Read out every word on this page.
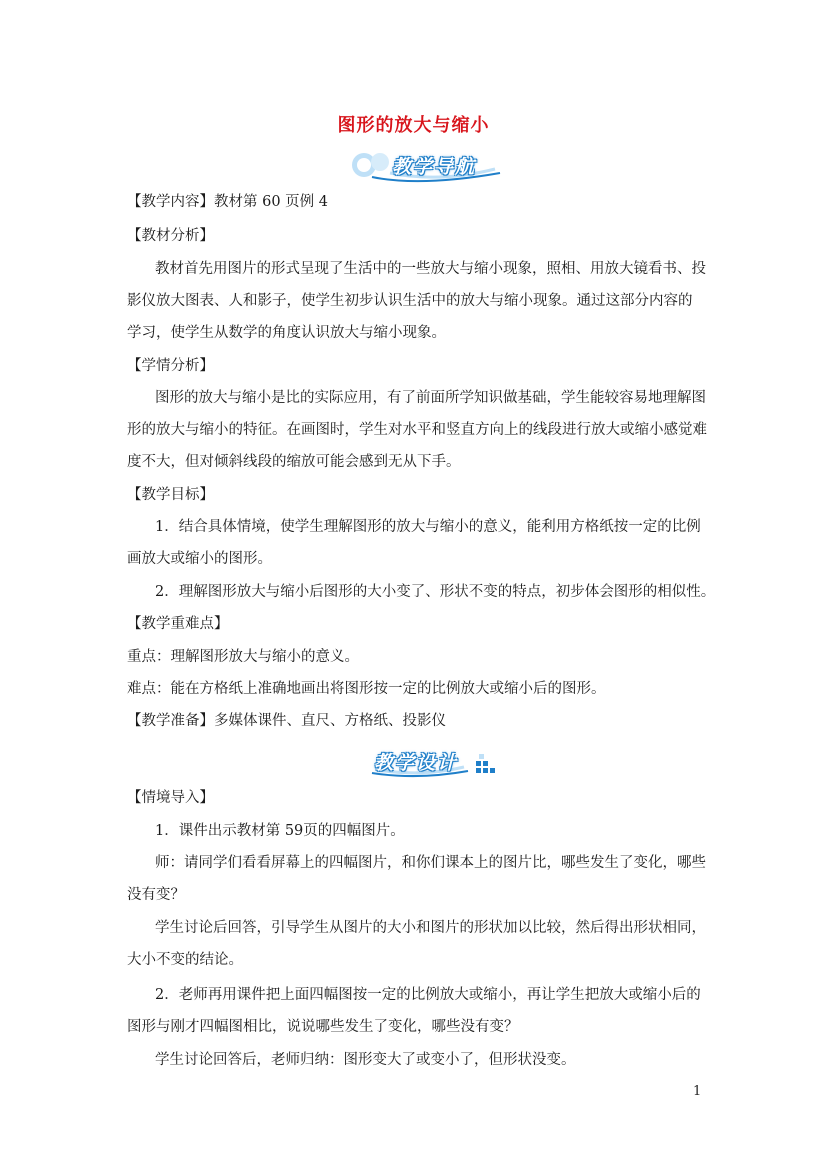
图形的放大与缩小
教学导航
【教学内容】教材第 60 页例 4
【教材分析】
教材首先用图片的形式呈现了生活中的一些放大与缩小现象，照相、用放大镜看书、投
影仪放大图表、人和影子，使学生初步认识生活中的放大与缩小现象。通过这部分内容的
学习，使学生从数学的角度认识放大与缩小现象。
【学情分析】
图形的放大与缩小是比的实际应用，有了前面所学知识做基础，学生能较容易地理解图
形的放大与缩小的特征。在画图时，学生对水平和竖直方向上的线段进行放大或缩小感觉难
度不大，但对倾斜线段的缩放可能会感到无从下手。
【教学目标】
1．结合具体情境，使学生理解图形的放大与缩小的意义，能利用方格纸按一定的比例
画放大或缩小的图形。
2．理解图形放大与缩小后图形的大小变了、形状不变的特点，初步体会图形的相似性。
【教学重难点】
重点：理解图形放大与缩小的意义。
难点：能在方格纸上准确地画出将图形按一定的比例放大或缩小后的图形。
【教学准备】多媒体课件、直尺、方格纸、投影仪
教学设计
【情境导入】
1．课件出示教材第 59页的四幅图片。
师：请同学们看看屏幕上的四幅图片，和你们课本上的图片比，哪些发生了变化，哪些
没有变？
学生讨论后回答，引导学生从图片的大小和图片的形状加以比较，然后得出形状相同，
大小不变的结论。
2．老师再用课件把上面四幅图按一定的比例放大或缩小，再让学生把放大或缩小后的
图形与刚才四幅图相比，说说哪些发生了变化，哪些没有变？
学生讨论回答后，老师归纳：图形变大了或变小了，但形状没变。
1
